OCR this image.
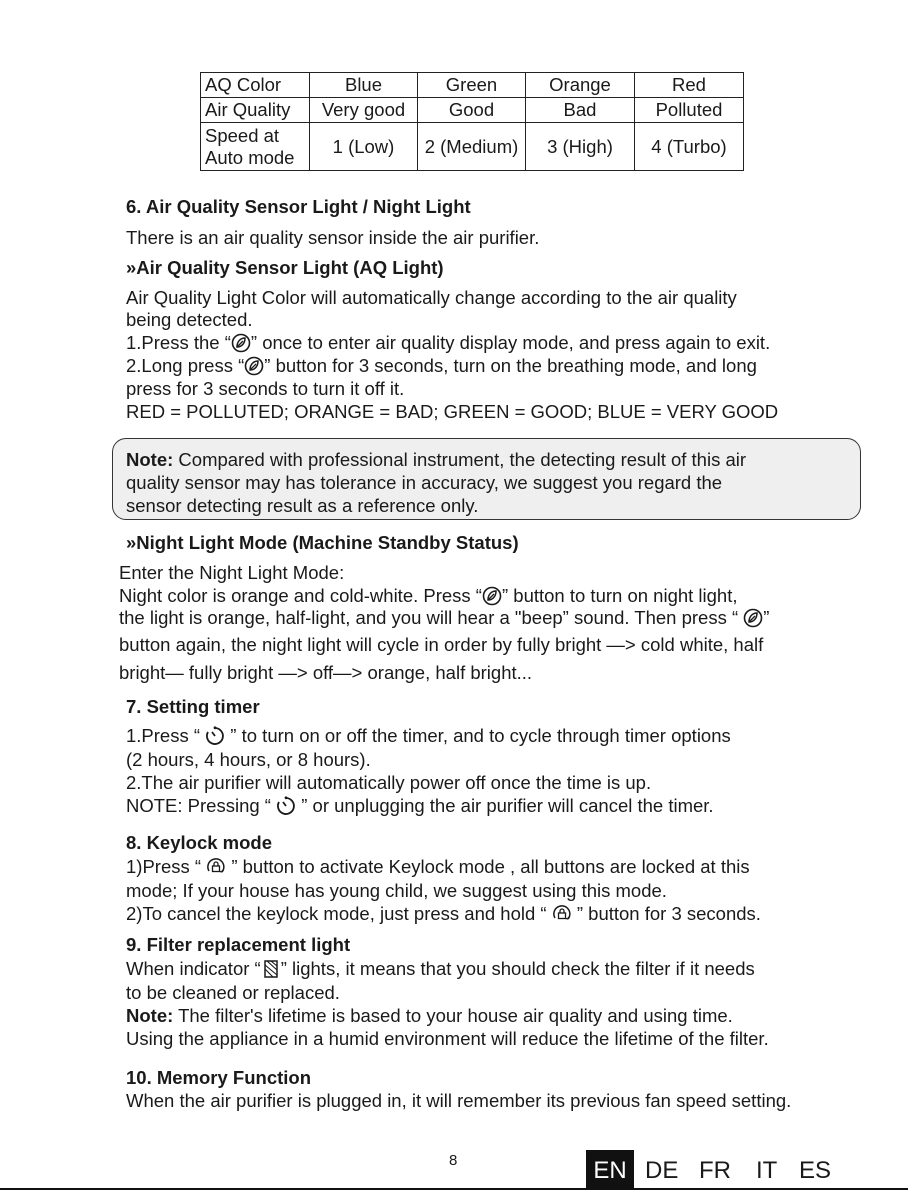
AQ Color	Blue	Green	Orange	Red
Air Quality	Very good	Good	Bad	Polluted
Speed at
Auto mode	1 (Low)	2 (Medium)	3 (High)	4 (Turbo)
6. Air Quality Sensor Light / Night Light
There is an air quality sensor inside the air purifier.
»Air Quality Sensor Light (AQ Light)
Air Quality Light Color will automatically change according to the air quality
being detected.
1.Press the “ ” once to enter air quality display mode, and press again to exit.
2.Long press “ ” button for 3 seconds, turn on the breathing mode, and long
press for 3 seconds to turn it off it.
RED = POLLUTED; ORANGE = BAD; GREEN = GOOD; BLUE = VERY GOOD
Note: Compared with professional instrument, the detecting result of this air
quality sensor may has tolerance in accuracy, we suggest you regard the
sensor detecting result as a reference only.
»Night Light Mode (Machine Standby Status)
Enter the Night Light Mode:
Night color is orange and cold-white. Press “ ” button to turn on night light,
the light is orange, half-light, and you will hear a "beep” sound. Then press “ ”
button again, the night light will cycle in order by fully bright —> cold white, half
bright— fully bright —> off—> orange, half bright...
7. Setting timer
1.Press “  ” to turn on or off the timer, and to cycle through timer options
(2 hours, 4 hours, or 8 hours).
2.The air purifier will automatically power off once the time is up.
NOTE: Pressing “  ” or unplugging the air purifier will cancel the timer.
8. Keylock mode
1)Press “  ” button to activate Keylock mode , all buttons are locked at this
mode; If your house has young child, we suggest using this mode.
2)To cancel the keylock mode, just press and hold “  ” button for 3 seconds.
9. Filter replacement light
When indicator “ ” lights, it means that you should check the filter if it needs
to be cleaned or replaced.
Note: The filter's lifetime is based to your house air quality and using time.
Using the appliance in a humid environment will reduce the lifetime of the filter.
10. Memory Function
When the air purifier is plugged in, it will remember its previous fan speed setting.
8	EN DE FR IT ES
